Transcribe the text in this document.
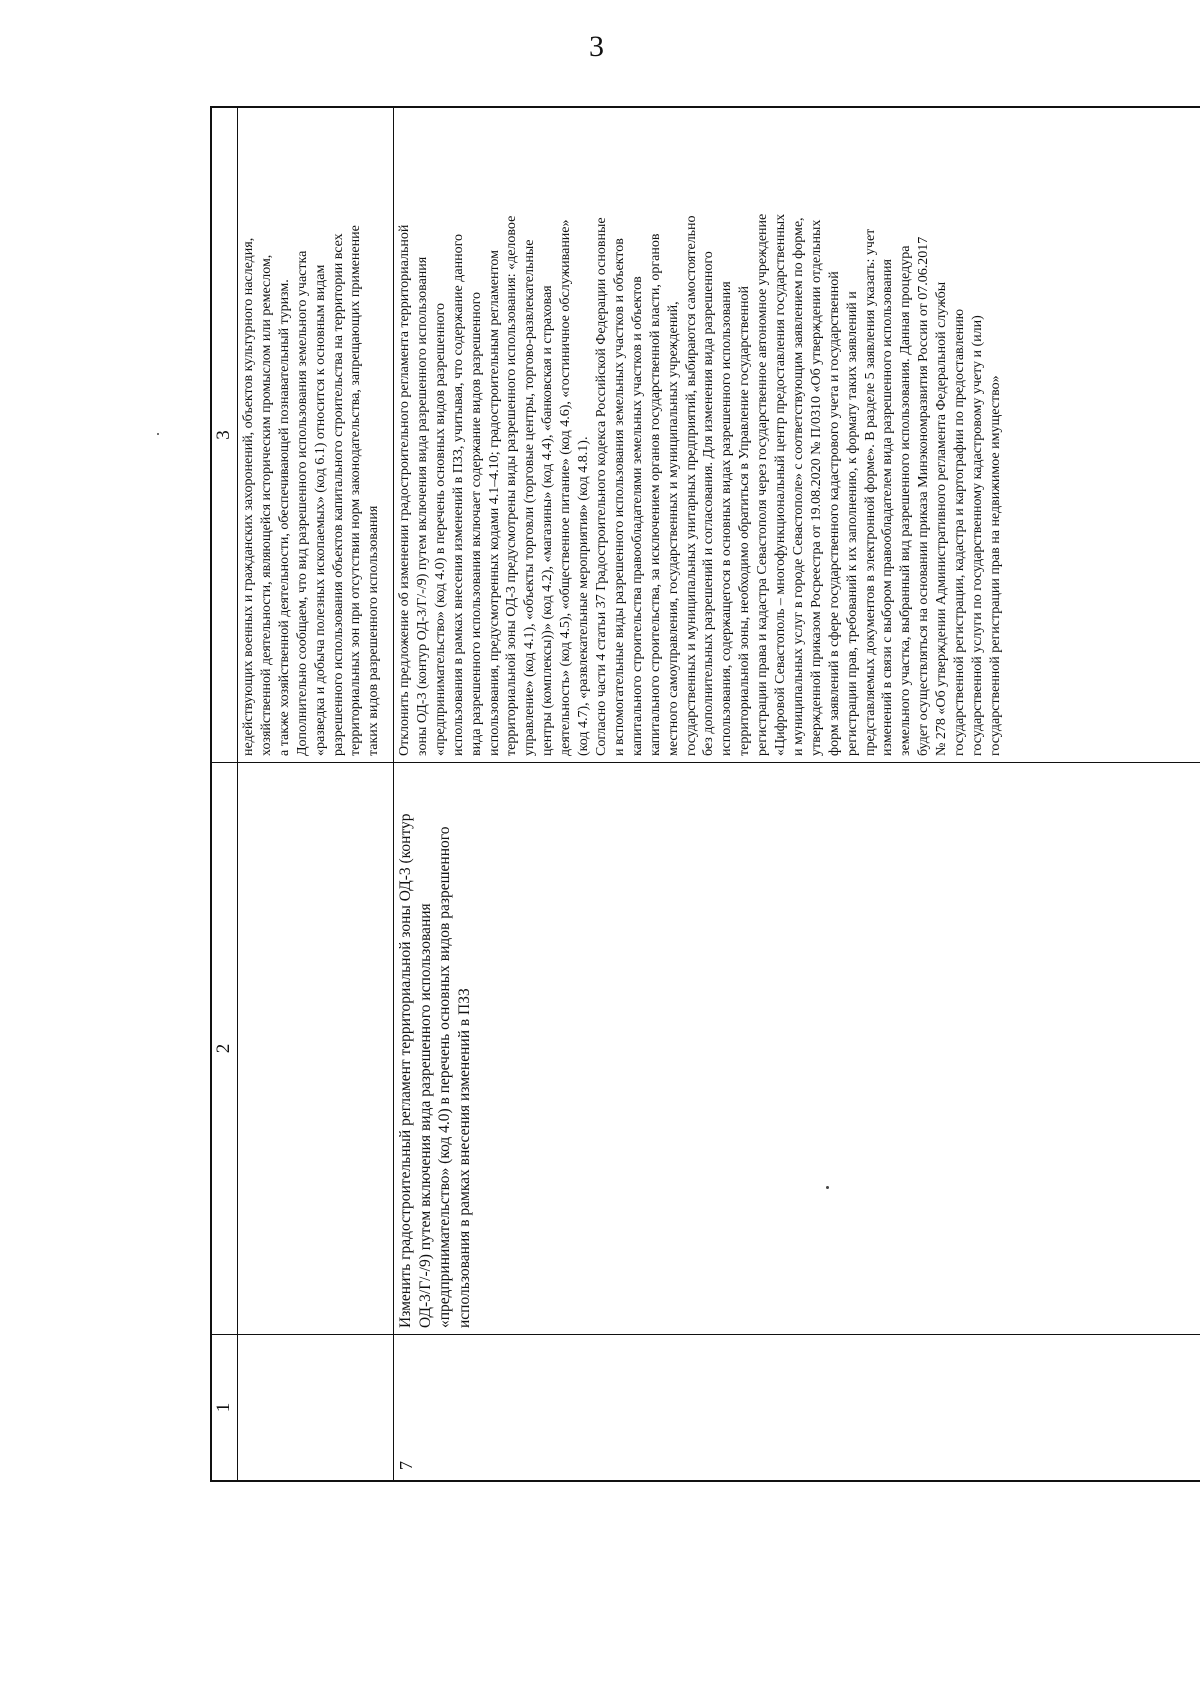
3
1
2
3 недействующих военных и гражданских захоронений, объектов культурного наследия, хозяйственной деятельности, являющейся историческим промыслом или ремеслом, а также хозяйственной деятельности, обеспечивающей познавательный туризм. Дополнительно сообщаем, что вид разрешенного использования земельного участка «разведка и добыча полезных ископаемых» (код 6.1) относится к основным видам разрешенного использования объектов капитального строительства на территории всех территориальных зон при отсутствии норм законодательства, запрещающих применение таких видов разрешенного использования
7
Изменить градостроительный регламент территориальной зоны ОД-3 (контур ОД-3/Г/-/9) путем включения вида разрешенного использования «предпринимательство» (код 4.0) в перечень основных видов разрешенного использования в рамках внесения изменений в ПЗЗ
Отклонить предложение об изменении градостроительного регламента территориальной зоны ОД-3 (контур ОД-3/Г/-/9) путем включения вида разрешенного использования «предпринимательство» (код 4.0) в перечень основных видов разрешенного использования в рамках внесения изменений в ПЗЗ, учитывая, что содержание данного вида разрешенного использования включает содержание видов разрешенного использования, предусмотренных кодами 4.1–4.10; градостроительным регламентом территориальной зоны ОД-3 предусмотрены виды разрешенного использования: «деловое управление» (код 4.1), «объекты торговли (торговые центры, торгово-развлекательные центры (комплексы))» (код 4.2), «магазины» (код 4.4), «банковская и страховая деятельность» (код 4.5), «общественное питание» (код 4.6), «гостиничное обслуживание» (код 4.7), «развлекательные мероприятия» (код 4.8.1). Согласно части 4 статьи 37 Градостроительного кодекса Российской Федерации основные и вспомогательные виды разрешенного использования земельных участков и объектов капитального строительства правообладателями земельных участков и объектов капитального строительства, за исключением органов государственной власти, органов местного самоуправления, государственных и муниципальных учреждений, государственных и муниципальных унитарных предприятий, выбираются самостоятельно без дополнительных разрешений и согласования. Для изменения вида разрешенного использования, содержащегося в основных видах разрешенного использования территориальной зоны, необходимо обратиться в Управление государственной регистрации права и кадастра Севастополя через государственное автономное учреждение «Цифровой Севастополь – многофункциональный центр предоставления государственных и муниципальных услуг в городе Севастополе» с соответствующим заявлением по форме, утвержденной приказом Росреестра от 19.08.2020 № П/0310 «Об утверждении отдельных форм заявлений в сфере государственного кадастрового учета и государственной регистрации прав, требований к их заполнению, к формату таких заявлений и представляемых документов в электронной форме». В разделе 5 заявления указать: учет изменений в связи с выбором правообладателем вида разрешенного использования земельного участка, выбранный вид разрешенного использования. Данная процедура будет осуществляться на основании приказа Минэкономразвития России от 07.06.2017 № 278 «Об утверждении Административного регламента Федеральной службы государственной регистрации, кадастра и картографии по предоставлению государственной услуги по государственному кадастровому учету и (или) государственной регистрации прав на недвижимое имущество»
